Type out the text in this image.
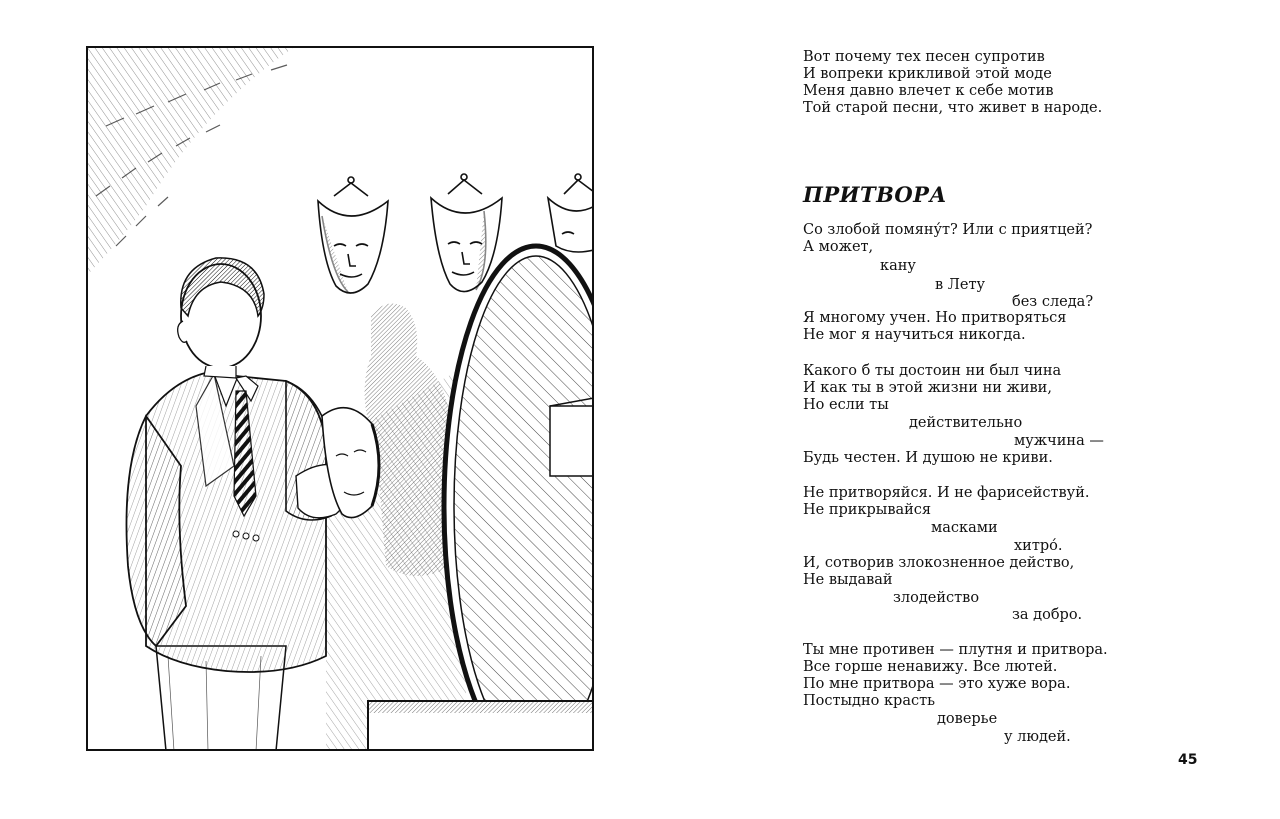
Вот почему тех песен супротив
И вопреки крикливой этой моде
Меня давно влечет к себе мотив
Той старой песни, что живет в народе.
ПРИТВОРА
Со злобой помяну́т? Или с приятцей?
А может,
кану
в Лету
без следа?
Я многому учен. Но притворяться
Не мог я научиться никогда.
Какого б ты достоин ни был чина
И как ты в этой жизни ни живи,
Но если ты
действительно
мужчина —
Будь честен. И душою не криви.
Не притворяйся. И не фарисействуй.
Не прикрывайся
масками
хитро́.
И, сотворив злокозненное действо,
Не выдавай
злодейство
за добро.
Ты мне противен — плутня и притвора.
Все горше ненавижу. Все лютей.
По мне притвора — это хуже вора.
Постыдно красть
доверье
у людей.
45
